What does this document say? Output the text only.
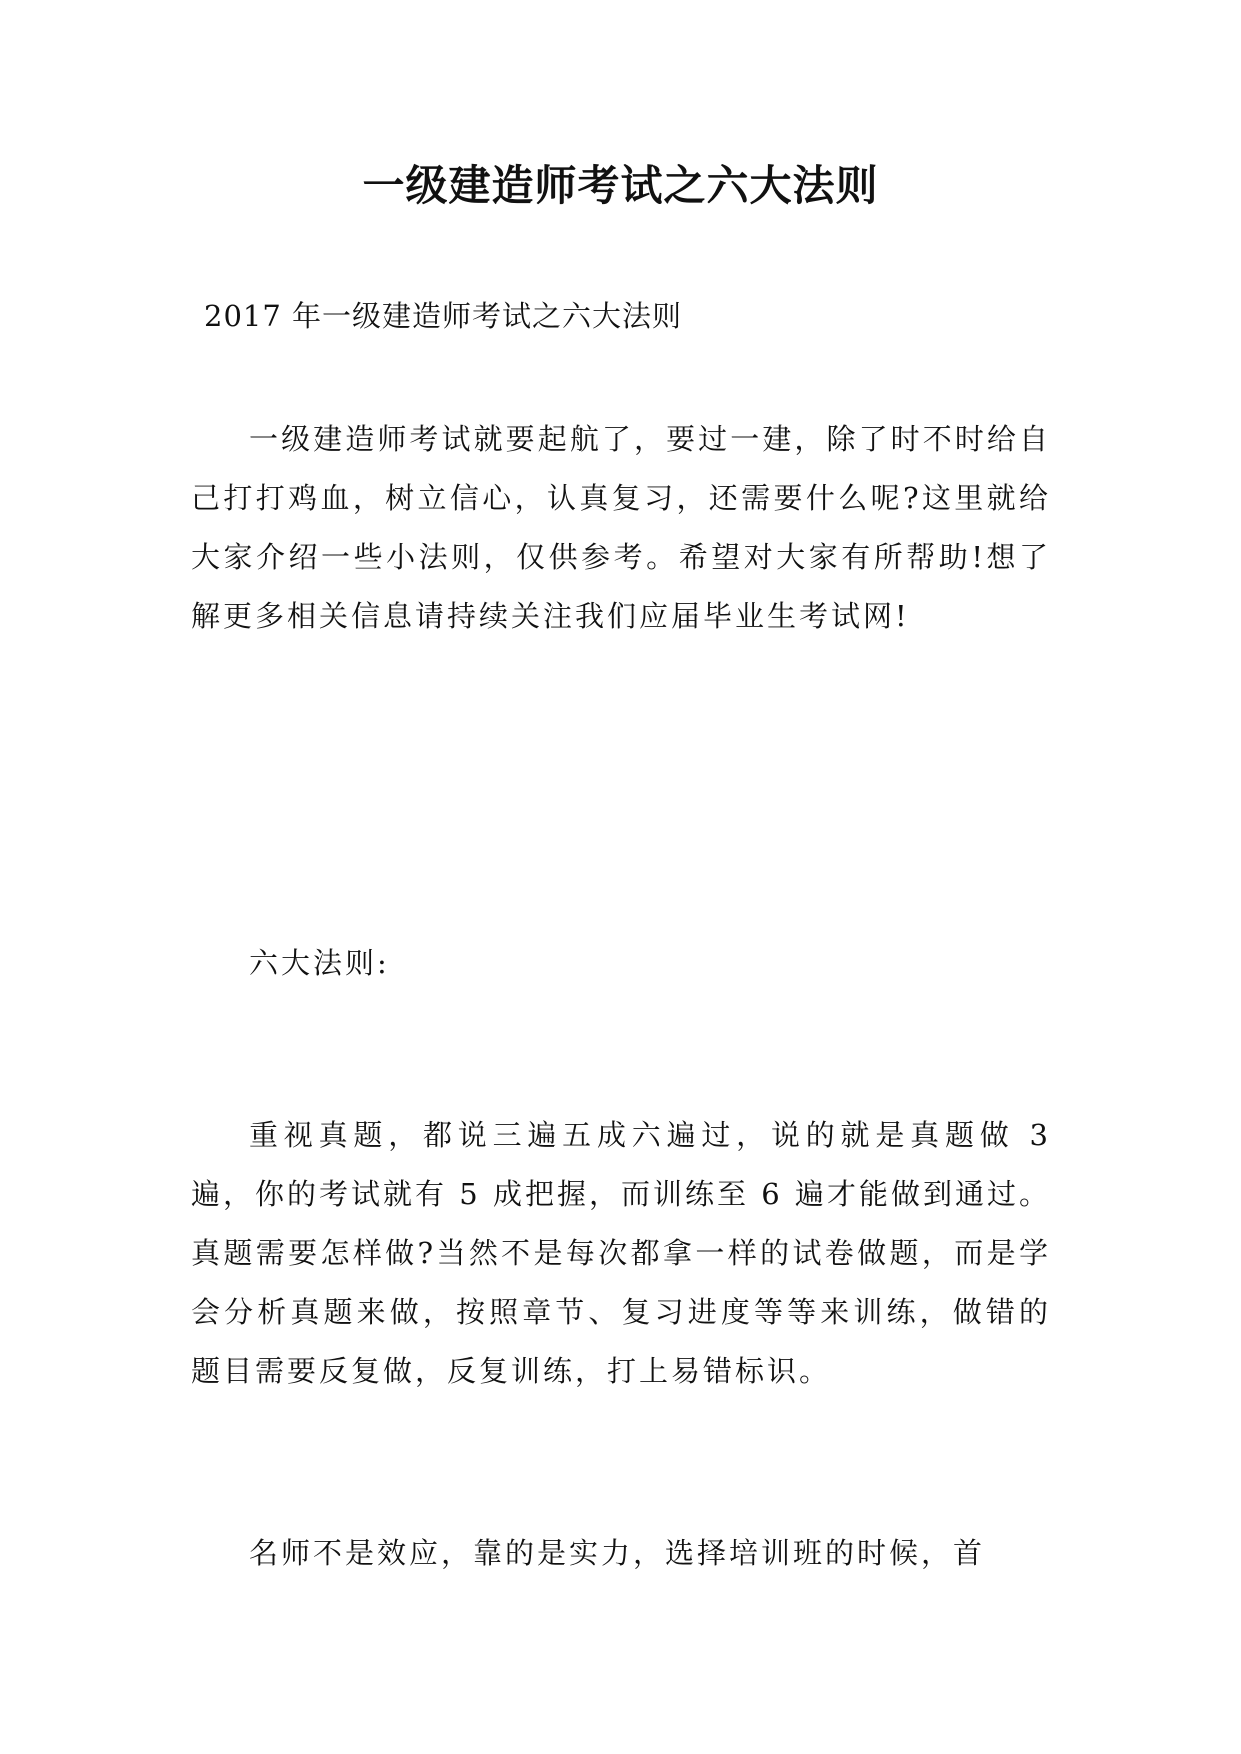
一级建造师考试之六大法则

2017 年一级建造师考试之六大法则

一级建造师考试就要起航了，要过一建，除了时不时给自己打打鸡血，树立信心，认真复习，还需要什么呢?这里就给大家介绍一些小法则，仅供参考。希望对大家有所帮助!想了解更多相关信息请持续关注我们应届毕业生考试网!

六大法则:

重视真题，都说三遍五成六遍过，说的就是真题做 3 遍，你的考试就有 5 成把握，而训练至 6 遍才能做到通过。真题需要怎样做?当然不是每次都拿一样的试卷做题，而是学会分析真题来做，按照章节、复习进度等等来训练，做错的题目需要反复做，反复训练，打上易错标识。

名师不是效应，靠的是实力，选择培训班的时候，首
